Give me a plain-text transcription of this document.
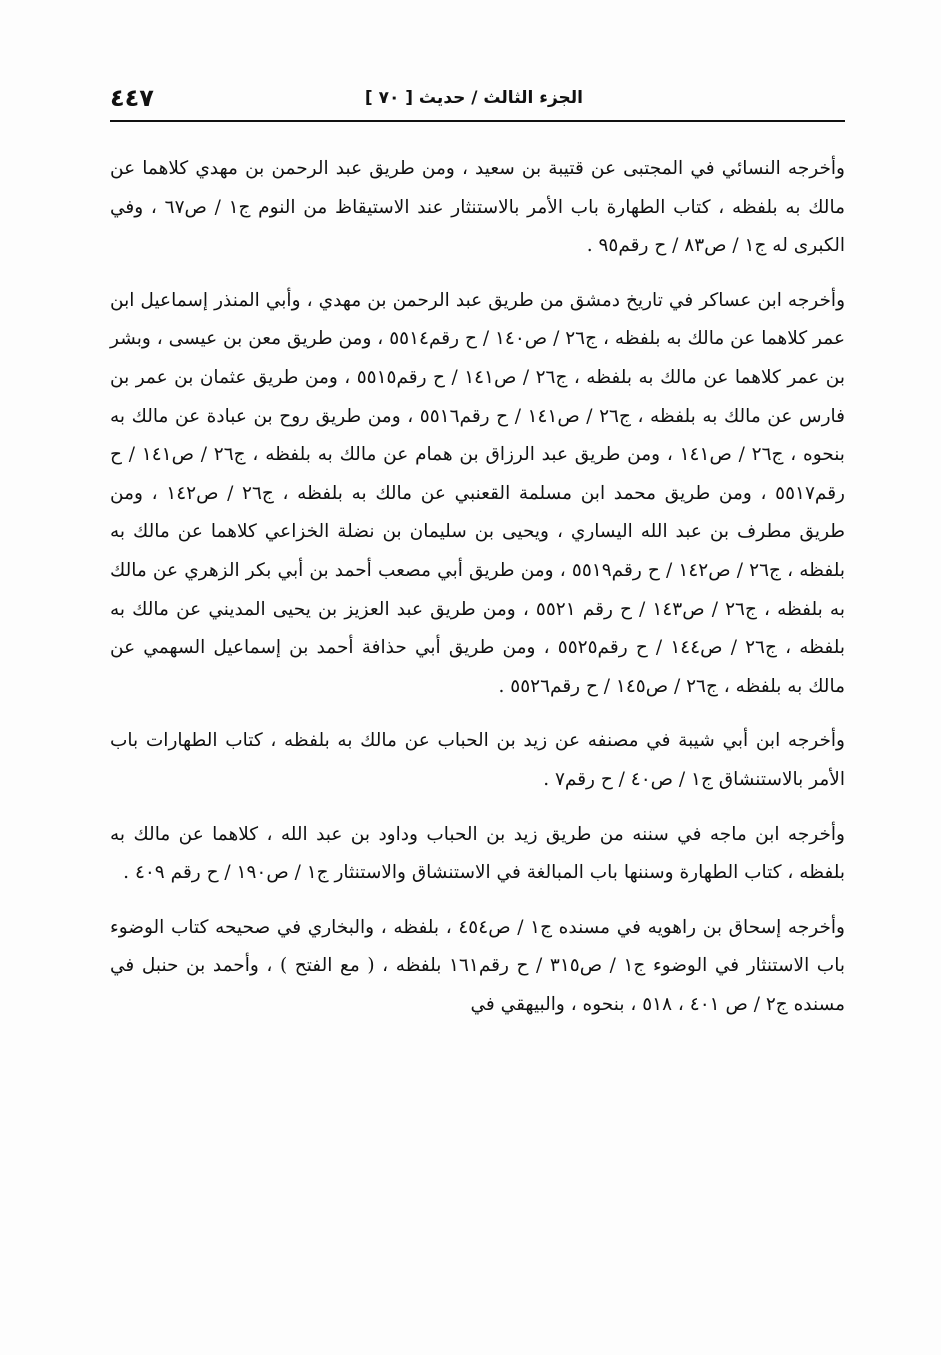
الجزء الثالث / حديث [ ٧٠ ]
٤٤٧

وأخرجه النسائي في المجتبى عن قتيبة بن سعيد ، ومن طريق عبد الرحمن بن مهدي كلاهما عن مالك به بلفظه ، كتاب الطهارة باب الأمر بالاستنثار عند الاستيقاظ من النوم ج١ / ص٦٧ ، وفي الكبرى له ج١ / ص٨٣ / ح رقم٩٥ .

وأخرجه ابن عساكر في تاريخ دمشق من طريق عبد الرحمن بن مهدي ، وأبي المنذر إسماعيل ابن عمر كلاهما عن مالك به بلفظه ، ج٢٦ / ص١٤٠ / ح رقم٥٥١٤ ، ومن طريق معن بن عيسى ، وبشر بن عمر كلاهما عن مالك به بلفظه ، ج٢٦ / ص١٤١ / ح رقم٥٥١٥ ، ومن طريق عثمان بن عمر بن فارس عن مالك به بلفظه ، ج٢٦ / ص١٤١ / ح رقم٥٥١٦ ، ومن طريق روح بن عبادة عن مالك به بنحوه ، ج٢٦ / ص١٤١ ، ومن طريق عبد الرزاق بن همام عن مالك به بلفظه ، ج٢٦ / ص١٤١ / ح رقم٥٥١٧ ، ومن طريق محمد ابن مسلمة القعنبي عن مالك به بلفظه ، ج٢٦ / ص١٤٢ ، ومن طريق مطرف بن عبد الله اليساري ، ويحيى بن سليمان بن نضلة الخزاعي كلاهما عن مالك به بلفظه ، ج٢٦ / ص١٤٢ / ح رقم٥٥١٩ ، ومن طريق أبي مصعب أحمد بن أبي بكر الزهري عن مالك به بلفظه ، ج٢٦ / ص١٤٣ / ح رقم ٥٥٢١ ، ومن طريق عبد العزيز بن يحيى المديني عن مالك به بلفظه ، ج٢٦ / ص١٤٤ / ح رقم٥٥٢٥ ، ومن طريق أبي حذافة أحمد بن إسماعيل السهمي عن مالك به بلفظه ، ج٢٦ / ص١٤٥ / ح رقم٥٥٢٦ .

وأخرجه ابن أبي شيبة في مصنفه عن زيد بن الحباب عن مالك به بلفظه ، كتاب الطهارات باب الأمر بالاستنشاق ج١ / ص٤٠ / ح رقم٧ .

وأخرجه ابن ماجه في سننه من طريق زيد بن الحباب وداود بن عبد الله ، كلاهما عن مالك به بلفظه ، كتاب الطهارة وسننها باب المبالغة في الاستنشاق والاستنثار ج١ / ص١٩٠ / ح رقم ٤٠٩ .

وأخرجه إسحاق بن راهويه في مسنده ج١ / ص٤٥٤ ، بلفظه ، والبخاري في صحيحه كتاب الوضوء باب الاستنثار في الوضوء ج١ / ص٣١٥ / ح رقم١٦١ بلفظه ، ( مع الفتح ) ، وأحمد بن حنبل في مسنده ج٢ / ص ٤٠١ ، ٥١٨ ، بنحوه ، والبيهقي في
